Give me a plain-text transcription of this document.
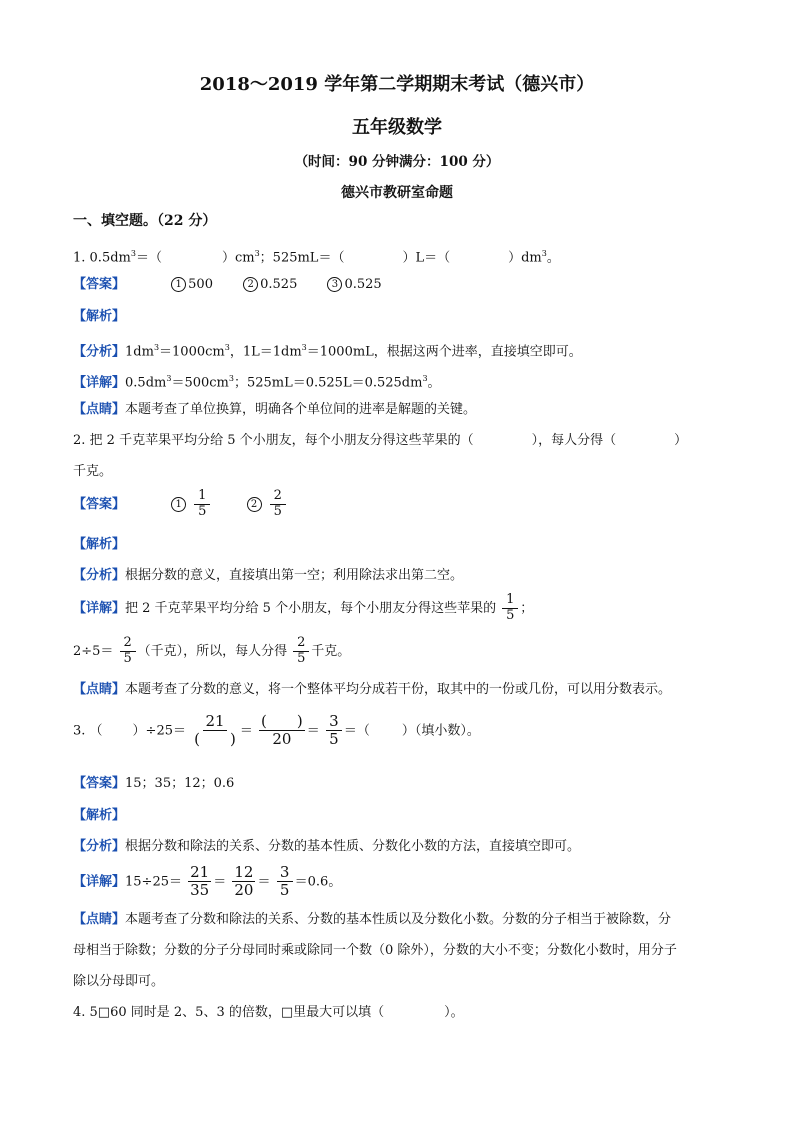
2018～2019 学年第二学期期末考试（德兴市）
五年级数学
（时间：90 分钟满分：100 分）
德兴市教研室命题
一、填空题。（22 分）
1. $0.5dm^3=$（	）$cm^3$；525mL＝（	）L＝（	）$dm^3$。
【答案】	1 500	2 0.525	3 0.525
【解析】
【分析】$1dm^3=1000cm^3$，$1L=1dm^3=1000mL$，根据这两个进率，直接填空即可。
【详解】$0.5dm^3=500cm^3$；$525mL=0.525L=0.525dm^3$。
【点睛】本题考查了单位换算，明确各个单位间的进率是解题的关键。
2. 把 2 千克苹果平均分给 5 个小朋友，每个小朋友分得这些苹果的（	），每人分得（	）
千克。
【答案】	$1 \frac{1}{5}$	$2 \frac{2}{5}$
【解析】
【分析】根据分数的意义，直接填出第一空；利用除法求出第二空。
【详解】把 2 千克苹果平均分给 5 个小朋友，每个小朋友分得这些苹果的 $\frac{1}{5}$ ；
$2\div 5= \frac{2}{5}$ （千克），所以，每人分得 $\frac{2}{5}$ 千克。
【点睛】本题考查了分数的意义，将一个整体平均分成若干份，取其中的一份或几份，可以用分数表示。
3. （ ）$\div 25= \frac{21}{( )} = \frac{( )}{20} = \frac{3}{5}$ ＝（ ）（填小数）。
【答案】15；35；12；0.6
【解析】
【分析】根据分数和除法的关系、分数的基本性质、分数化小数的方法，直接填空即可。
【详解】$15\div 25= \frac{21}{35} = \frac{12}{20} = \frac{3}{5} =0.6$。
【点睛】本题考查了分数和除法的关系、分数的基本性质以及分数化小数。分数的分子相当于被除数，分
母相当于除数；分数的分子分母同时乘或除同一个数（0 除外），分数的大小不变；分数化小数时，用分子
除以分母即可。
4. 5□60 同时是 2、5、3 的倍数，□里最大可以填（	）。
